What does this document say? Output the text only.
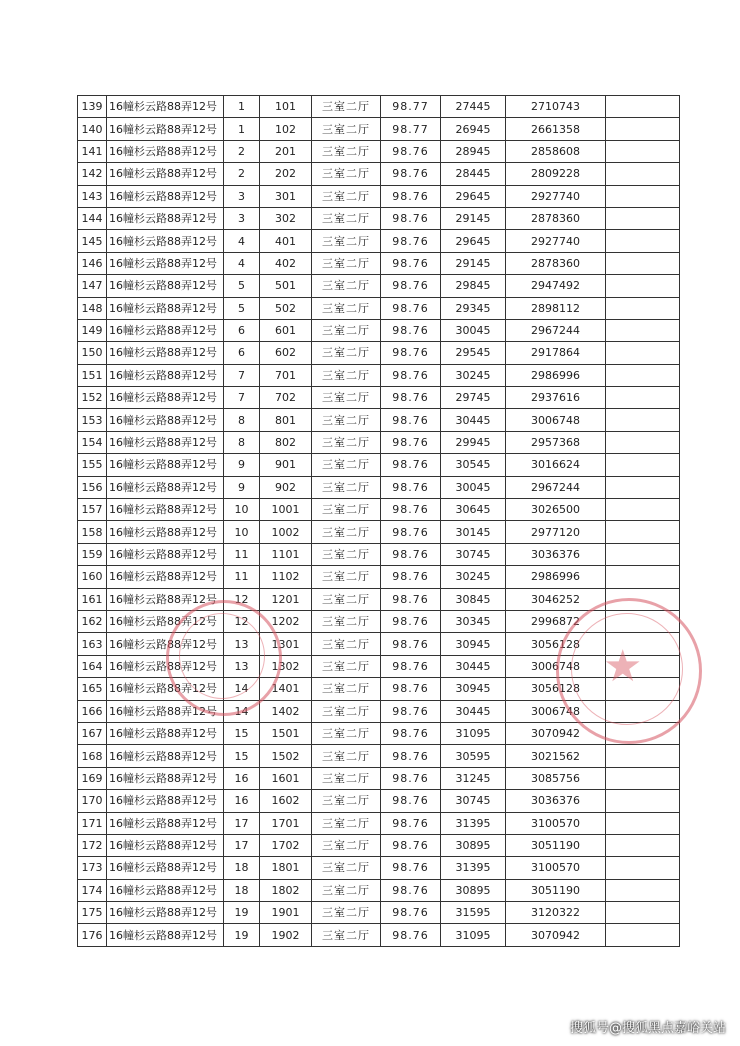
139	16幢杉云路88弄12号	1	101	三室二厅	98.77	27445	2710743	
140	16幢杉云路88弄12号	1	102	三室二厅	98.77	26945	2661358	
141	16幢杉云路88弄12号	2	201	三室二厅	98.76	28945	2858608	
142	16幢杉云路88弄12号	2	202	三室二厅	98.76	28445	2809228	
143	16幢杉云路88弄12号	3	301	三室二厅	98.76	29645	2927740	
144	16幢杉云路88弄12号	3	302	三室二厅	98.76	29145	2878360	
145	16幢杉云路88弄12号	4	401	三室二厅	98.76	29645	2927740	
146	16幢杉云路88弄12号	4	402	三室二厅	98.76	29145	2878360	
147	16幢杉云路88弄12号	5	501	三室二厅	98.76	29845	2947492	
148	16幢杉云路88弄12号	5	502	三室二厅	98.76	29345	2898112	
149	16幢杉云路88弄12号	6	601	三室二厅	98.76	30045	2967244	
150	16幢杉云路88弄12号	6	602	三室二厅	98.76	29545	2917864	
151	16幢杉云路88弄12号	7	701	三室二厅	98.76	30245	2986996	
152	16幢杉云路88弄12号	7	702	三室二厅	98.76	29745	2937616	
153	16幢杉云路88弄12号	8	801	三室二厅	98.76	30445	3006748	
154	16幢杉云路88弄12号	8	802	三室二厅	98.76	29945	2957368	
155	16幢杉云路88弄12号	9	901	三室二厅	98.76	30545	3016624	
156	16幢杉云路88弄12号	9	902	三室二厅	98.76	30045	2967244	
157	16幢杉云路88弄12号	10	1001	三室二厅	98.76	30645	3026500	
158	16幢杉云路88弄12号	10	1002	三室二厅	98.76	30145	2977120	
159	16幢杉云路88弄12号	11	1101	三室二厅	98.76	30745	3036376	
160	16幢杉云路88弄12号	11	1102	三室二厅	98.76	30245	2986996	
161	16幢杉云路88弄12号	12	1201	三室二厅	98.76	30845	3046252	
162	16幢杉云路88弄12号	12	1202	三室二厅	98.76	30345	2996872	
163	16幢杉云路88弄12号	13	1301	三室二厅	98.76	30945	3056128	
164	16幢杉云路88弄12号	13	1302	三室二厅	98.76	30445	3006748	
165	16幢杉云路88弄12号	14	1401	三室二厅	98.76	30945	3056128	
166	16幢杉云路88弄12号	14	1402	三室二厅	98.76	30445	3006748	
167	16幢杉云路88弄12号	15	1501	三室二厅	98.76	31095	3070942	
168	16幢杉云路88弄12号	15	1502	三室二厅	98.76	30595	3021562	
169	16幢杉云路88弄12号	16	1601	三室二厅	98.76	31245	3085756	
170	16幢杉云路88弄12号	16	1602	三室二厅	98.76	30745	3036376	
171	16幢杉云路88弄12号	17	1701	三室二厅	98.76	31395	3100570	
172	16幢杉云路88弄12号	17	1702	三室二厅	98.76	30895	3051190	
173	16幢杉云路88弄12号	18	1801	三室二厅	98.76	31395	3100570	
174	16幢杉云路88弄12号	18	1802	三室二厅	98.76	30895	3051190	
175	16幢杉云路88弄12号	19	1901	三室二厅	98.76	31595	3120322	
176	16幢杉云路88弄12号	19	1902	三室二厅	98.76	31095	3070942	
★
搜狐号@搜狐黑点嘉峪关站
